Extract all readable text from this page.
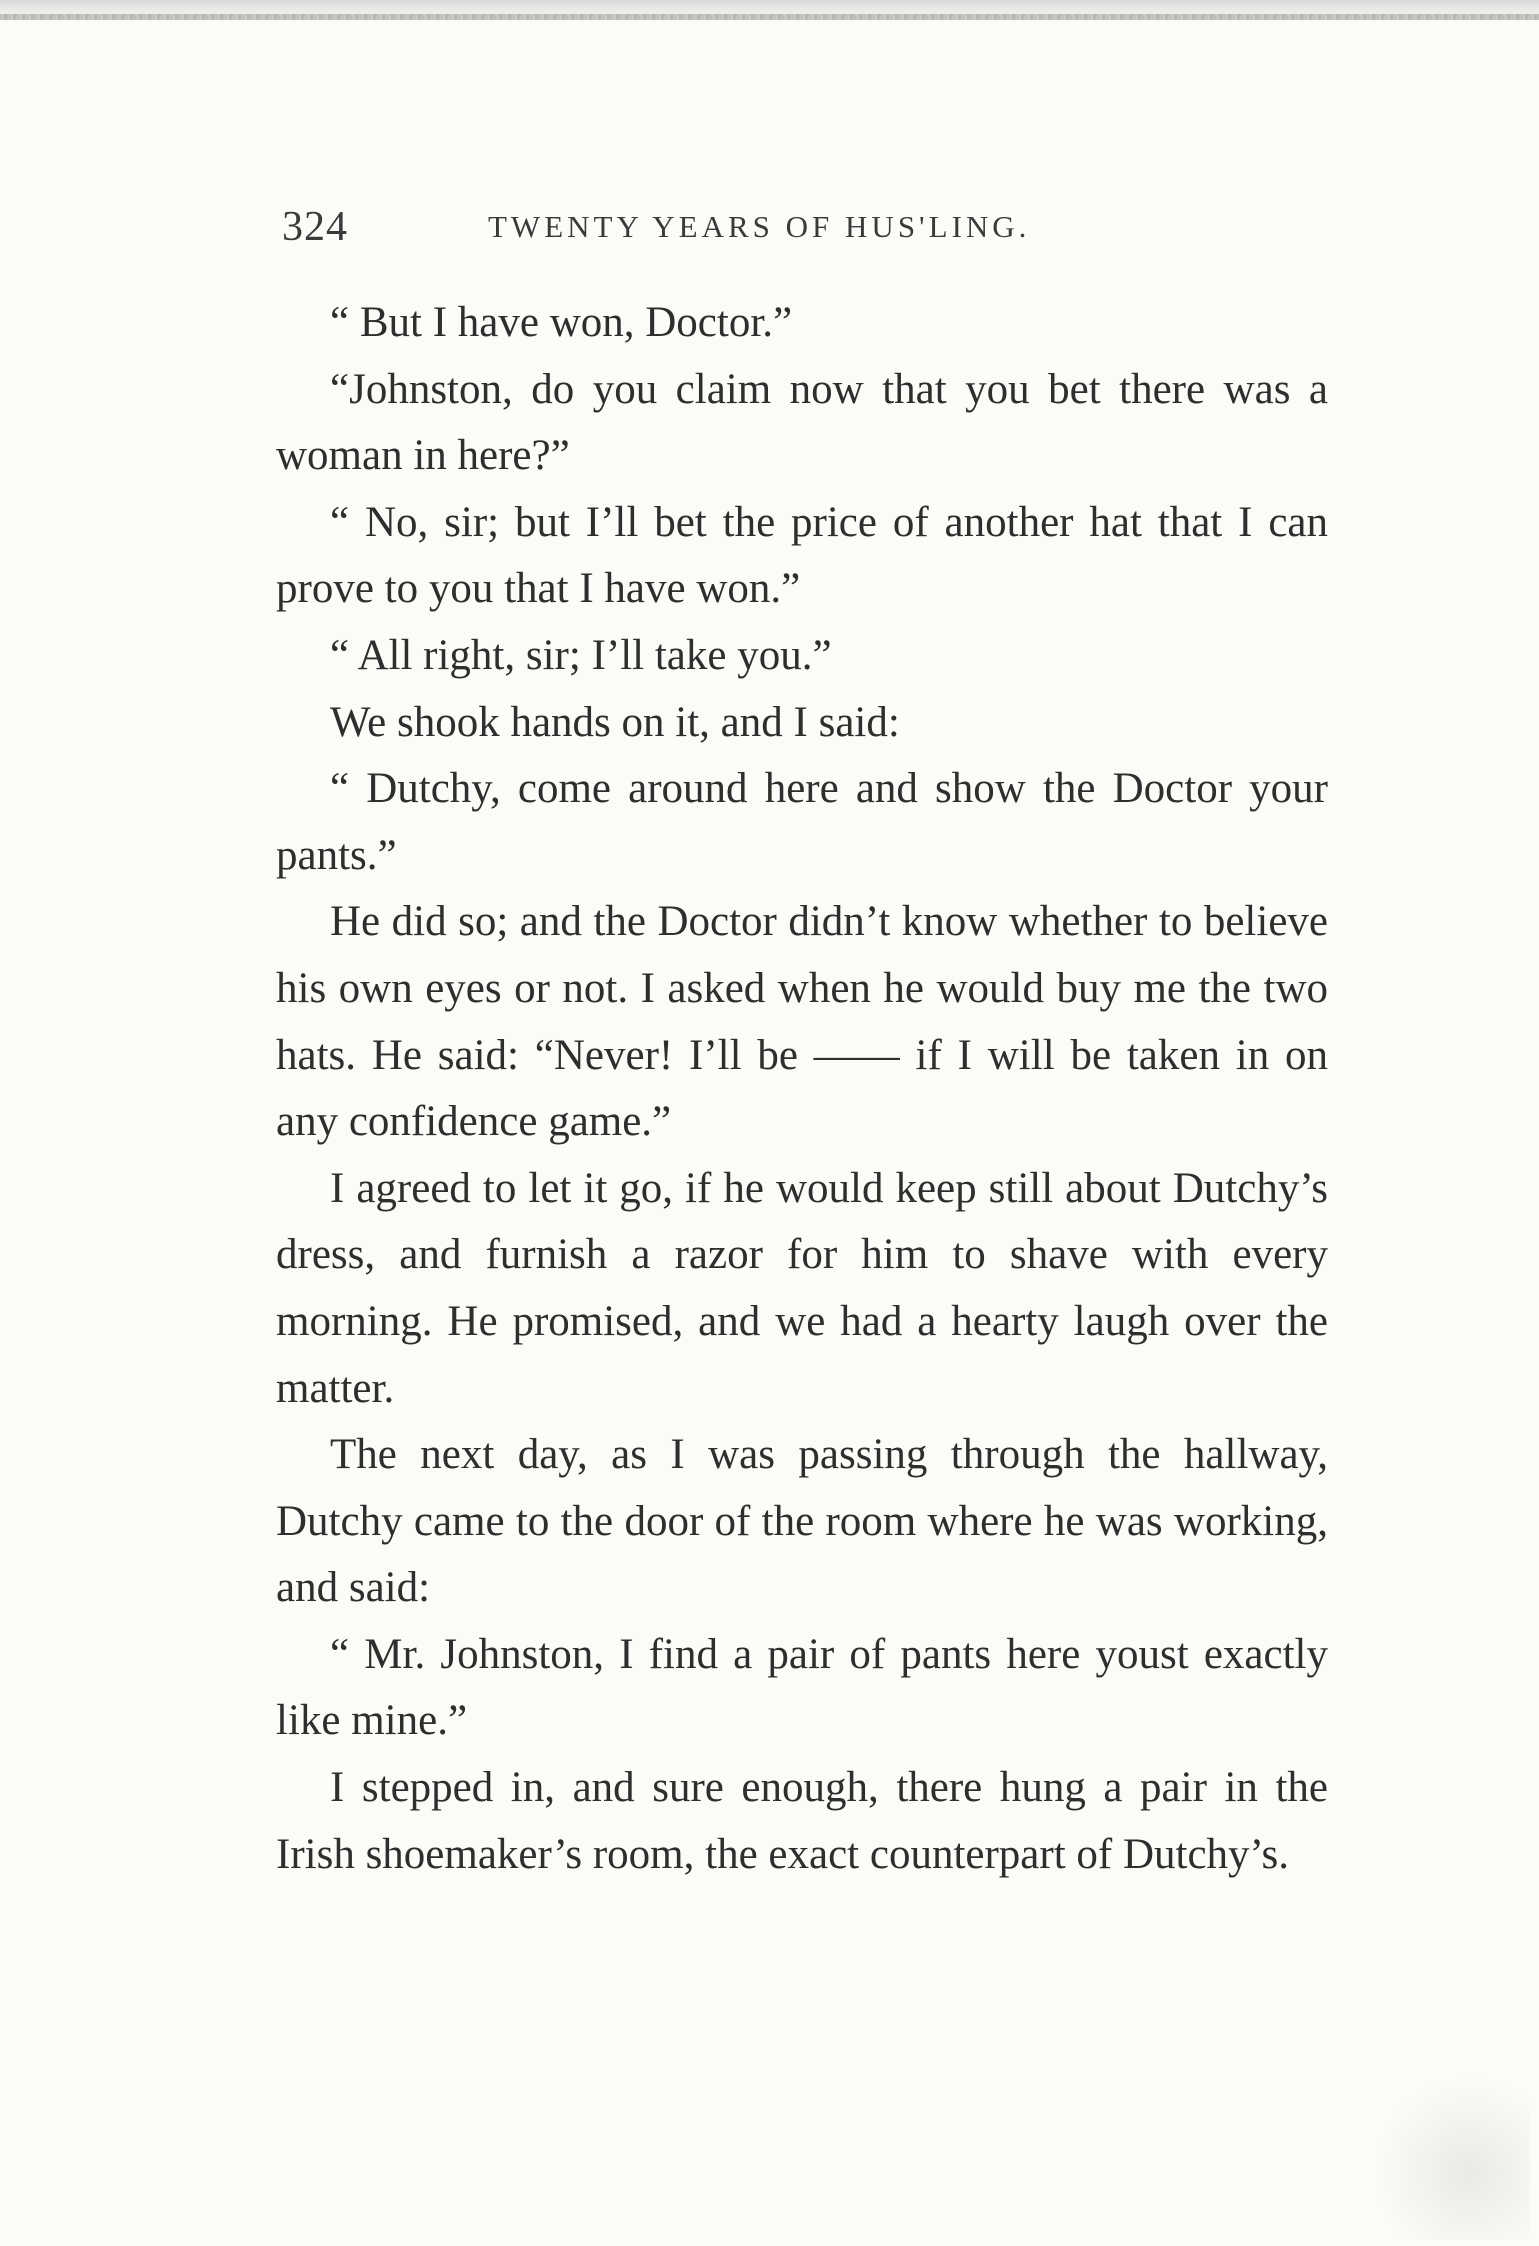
324	TWENTY YEARS OF HUS'LING.

“ But I have won, Doctor.”

“Johnston, do you claim now that you bet there was a woman in here?”

“ No, sir; but I’ll bet the price of another hat that I can prove to you that I have won.”

“ All right, sir; I’ll take you.”

We shook hands on it, and I said:

“ Dutchy, come around here and show the Doctor your pants.”

He did so; and the Doctor didn’t know whether to believe his own eyes or not. I asked when he would buy me the two hats. He said: “Never! I’ll be —— if I will be taken in on any confidence game.”

I agreed to let it go, if he would keep still about Dutchy’s dress, and furnish a razor for him to shave with every morning. He promised, and we had a hearty laugh over the matter.

The next day, as I was passing through the hallway, Dutchy came to the door of the room where he was working, and said:

“ Mr. Johnston, I find a pair of pants here youst exactly like mine.”

I stepped in, and sure enough, there hung a pair in the Irish shoemaker’s room, the exact counterpart of Dutchy’s.
